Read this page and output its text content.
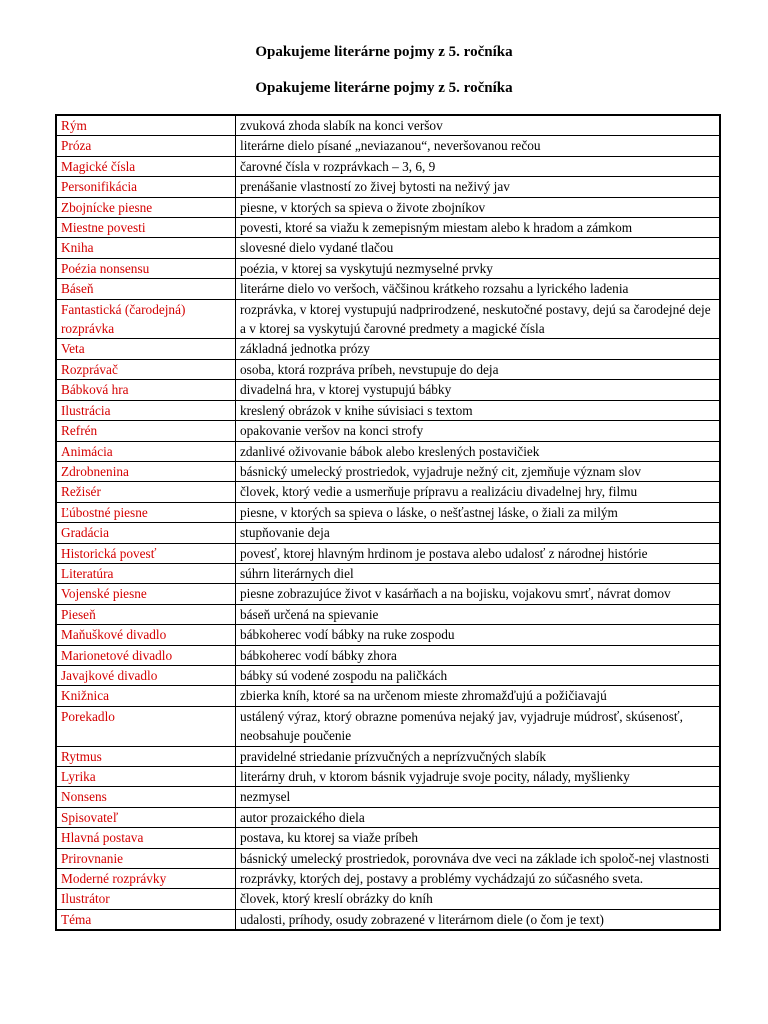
Opakujeme literárne pojmy z 5. ročníka
Opakujeme literárne pojmy z 5. ročníka
Rým	zvuková zhoda slabík na konci veršov
Próza	literárne dielo písané „neviazanou“, neveršovanou rečou
Magické čísla	čarovné čísla v rozprávkach – 3, 6, 9
Personifikácia	prenášanie vlastností zo živej bytosti na neživý jav
Zbojnícke piesne	piesne, v ktorých sa spieva o živote zbojníkov
Miestne povesti	povesti, ktoré sa viažu k zemepisným miestam alebo k hradom a zámkom
Kniha	slovesné dielo vydané tlačou
Poézia nonsensu	poézia, v ktorej sa vyskytujú nezmyselné prvky
Báseň	literárne dielo vo veršoch, väčšinou krátkeho rozsahu a lyrického ladenia
Fantastická (čarodejná) rozprávka	rozprávka, v ktorej vystupujú nadprirodzené, neskutočné postavy, dejú sa čarodejné deje a v ktorej sa vyskytujú čarovné predmety a magické čísla
Veta	základná jednotka prózy
Rozprávač	osoba, ktorá rozpráva príbeh, nevstupuje do deja
Bábková hra	divadelná hra, v ktorej vystupujú bábky
Ilustrácia	kreslený obrázok v knihe súvisiaci s textom
Refrén	opakovanie veršov na konci strofy
Animácia	zdanlivé oživovanie bábok alebo kreslených postavičiek
Zdrobnenina	básnický umelecký prostriedok, vyjadruje nežný cit, zjemňuje význam slov
Režisér	človek, ktorý vedie a usmerňuje prípravu a realizáciu divadelnej hry, filmu
Ľúbostné piesne	piesne, v ktorých sa spieva o láske, o nešťastnej láske, o žiali za milým
Gradácia	stupňovanie deja
Historická povesť	povesť, ktorej hlavným hrdinom je postava alebo udalosť z národnej histórie
Literatúra	súhrn literárnych diel
Vojenské piesne	piesne zobrazujúce život v kasárňach a na bojisku, vojakovu smrť, návrat domov
Pieseň	báseň určená na spievanie
Maňuškové divadlo	bábkoherec vodí bábky na ruke zospodu
Marionetové divadlo	bábkoherec vodí bábky zhora
Javajkové divadlo	bábky sú vodené zospodu na paličkách
Knižnica	zbierka kníh, ktoré sa na určenom mieste zhromažďujú a požičiavajú
Porekadlo	ustálený výraz, ktorý obrazne pomenúva nejaký jav, vyjadruje múdrosť, skúsenosť, neobsahuje poučenie
Rytmus	pravidelné striedanie prízvučných a neprízvučných slabík
Lyrika	literárny druh, v ktorom básnik vyjadruje svoje pocity, nálady, myšlienky
Nonsens	nezmysel
Spisovateľ	autor prozaického diela
Hlavná postava	postava, ku ktorej sa viaže príbeh
Prirovnanie	básnický umelecký prostriedok, porovnáva dve veci na základe ich spoloč-nej vlastnosti
Moderné rozprávky	rozprávky, ktorých dej, postavy a problémy vychádzajú zo súčasného sveta.
Ilustrátor	človek, ktorý kreslí obrázky do kníh
Téma	udalosti, príhody, osudy zobrazené v literárnom diele (o čom je text)
